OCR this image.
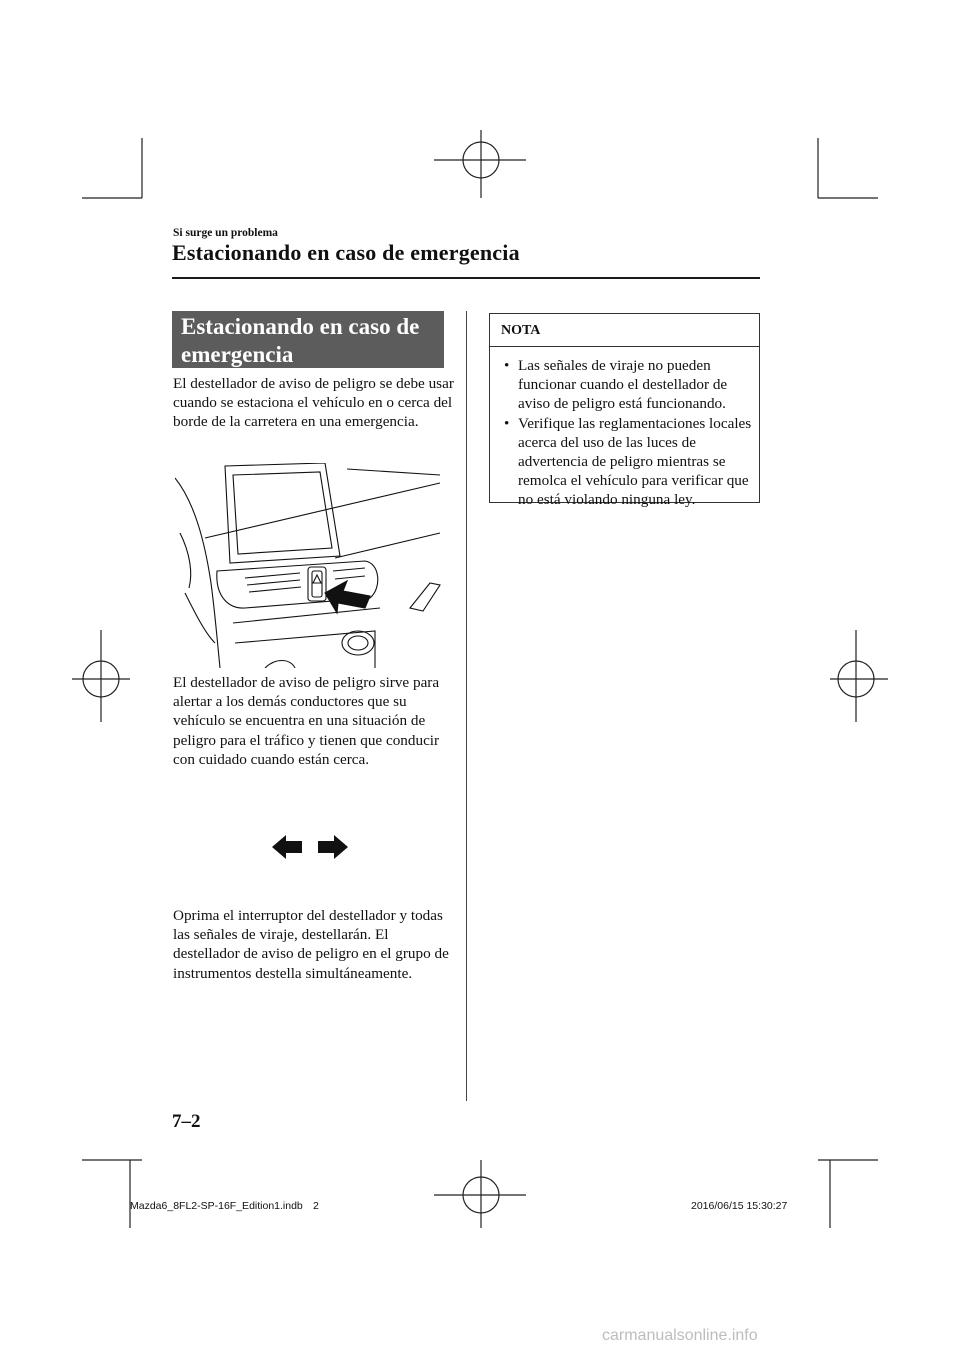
Si surge un problema
Estacionando en caso de emergencia
Estacionando en caso de
emergencia
El destellador de aviso de peligro se debe usar cuando se estaciona el vehículo en o cerca del borde de la carretera en una emergencia.
El destellador de aviso de peligro sirve para alertar a los demás conductores que su vehículo se encuentra en una situación de peligro para el tráfico y tienen que conducir con cuidado cuando están cerca.
Oprima el interruptor del destellador y todas las señales de viraje, destellarán. El destellador de aviso de peligro en el grupo de instrumentos destella simultáneamente.
NOTA
• Las señales de viraje no pueden funcionar cuando el destellador de aviso de peligro está funcionando.
• Verifique las reglamentaciones locales acerca del uso de las luces de advertencia de peligro mientras se remolca el vehículo para verificar que no está violando ninguna ley.
7–2
Mazda6_8FL2-SP-16F_Edition1.indb 2	2016/06/15 15:30:27
carmanualsonline.info
